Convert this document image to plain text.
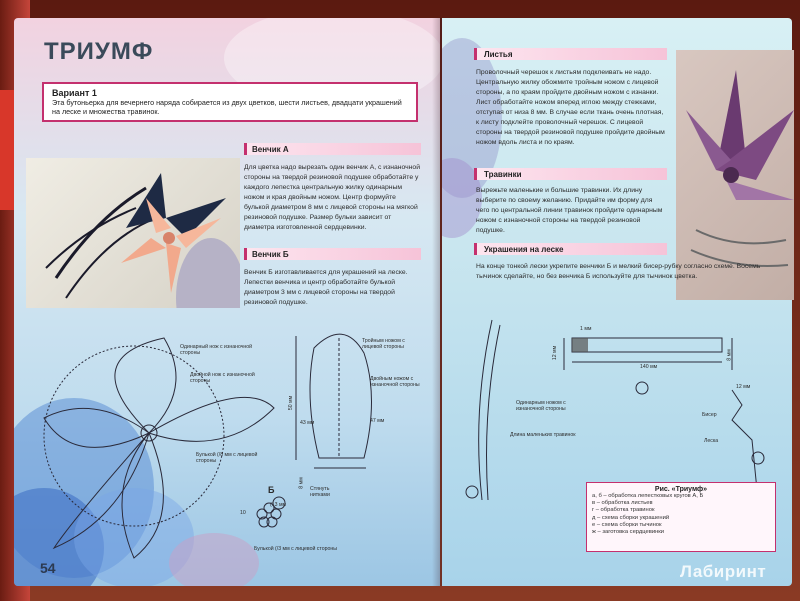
ТРИУМФ
Вариант 1
Эта бутоньерка для вечернего наряда собирается из двух цветков, шести листьев, двадцати украшений на леске и множества травинок.
Венчик А
Для цветка надо вырезать один венчик А, с изнаночной стороны на твердой резиновой подушке обработайте у каждого лепестка центральную жилку одинарным ножом и края двойным ножом. Центр формуйте булькой диаметром 8 мм с лицевой стороны на мягкой резиновой подушке. Размер бульки зависит от диаметра изготовленной сердцевинки.
Венчик Б
Венчик Б изготавливается для украшений на леске. Лепестки венчика и центр обработайте булькой диаметром 3 мм с лицевой стороны на твердой резиновой подушке.
Одинарный нож с изнаночной стороны
Двойной нож с изнаночной стороны
Булькой (/8 мм с лицевой стороны
Тройным ножом с лицевой стороны
Двойным ножом с изнаночной стороны
43 мм
50 мм
47 мм
8 мм
Стянуть нитками
(13 мм
Б
10
Булькой (/3 мм с лицевой стороны
54
Листья
Проволочный черешок к листьям подклеивать не надо. Центральную жилку обожмите тройным ножом с лицевой стороны, а по краям пройдите двойным ножом с изнанки. Лист обработайте ножом вперед иглою между стежками, отступая от низа 8 мм. В случае если ткань очень плотная, к листу подклейте проволочный черешок. С лицевой стороны на твердой резиновой подушке пройдите двойным ножом вдоль листа и по краям.
Травинки
Вырежьте маленькие и большие травинки. Их длину выберите по своему желанию. Придайте им форму для чего по центральной линии травинок пройдите одинарным ножом с изнаночной стороны на твердой резиновой подушке.
Украшения на леске
На конце тонкой лески укрепите венчики Б и мелкий бисер-рубку согласно схеме. Восемь тычинок сделайте, но без венчика Б используйте для тычинок цветка.
1 мм
12 мм
140 мм
8 мм
12 мм
Одинарным ножом с изнаночной стороны
Длина маленьких травинок
Бисер
Леска
Рис. «Триумф»
а, б – обработка лепестковых кругов А, Б
в – обработка листьев
г – обработка травинок
д – схема сборки украшений
е – схема сборки тычинок
ж – заготовка сердцевинки
Лабиринт
